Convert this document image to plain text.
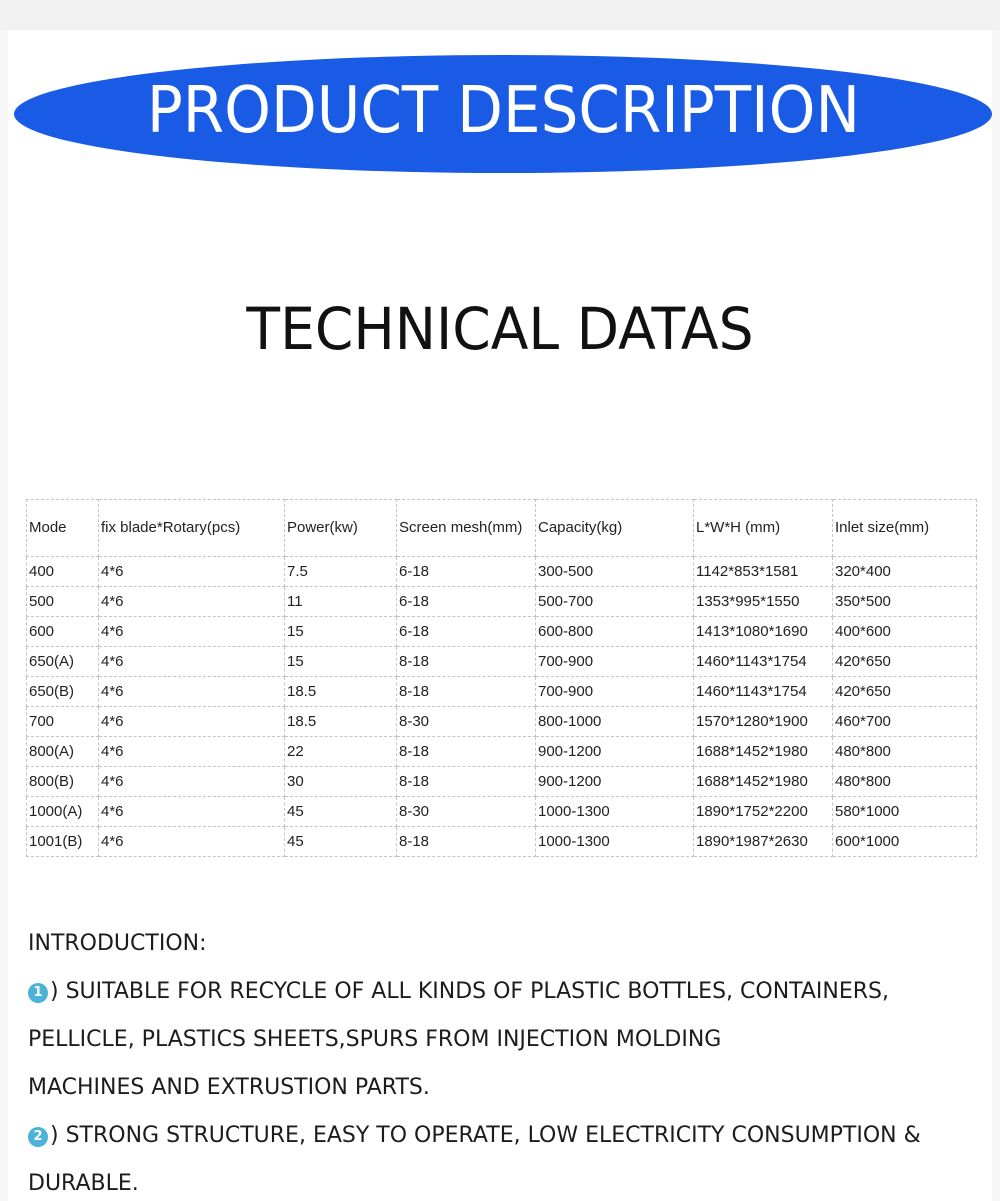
PRODUCT DESCRIPTION
TECHNICAL DATAS
Mode	fix blade*Rotary(pcs)	Power(kw)	Screen mesh(mm)	Capacity(kg)	L*W*H (mm)	Inlet size(mm)
400	4*6	7.5	6-18	300-500	1142*853*1581	320*400
500	4*6	11	6-18	500-700	1353*995*1550	350*500
600	4*6	15	6-18	600-800	1413*1080*1690	400*600
650(A)	4*6	15	8-18	700-900	1460*1143*1754	420*650
650(B)	4*6	18.5	8-18	700-900	1460*1143*1754	420*650
700	4*6	18.5	8-30	800-1000	1570*1280*1900	460*700
800(A)	4*6	22	8-18	900-1200	1688*1452*1980	480*800
800(B)	4*6	30	8-18	900-1200	1688*1452*1980	480*800
1000(A)	4*6	45	8-30	1000-1300	1890*1752*2200	580*1000
1001(B)	4*6	45	8-18	1000-1300	1890*1987*2630	600*1000
INTRODUCTION:
1 ) SUITABLE FOR RECYCLE OF ALL KINDS OF PLASTIC BOTTLES, CONTAINERS,
PELLICLE, PLASTICS SHEETS,SPURS FROM INJECTION MOLDING
MACHINES AND EXTRUSTION PARTS.
2 ) STRONG STRUCTURE, EASY TO OPERATE, LOW ELECTRICITY CONSUMPTION &
DURABLE.
